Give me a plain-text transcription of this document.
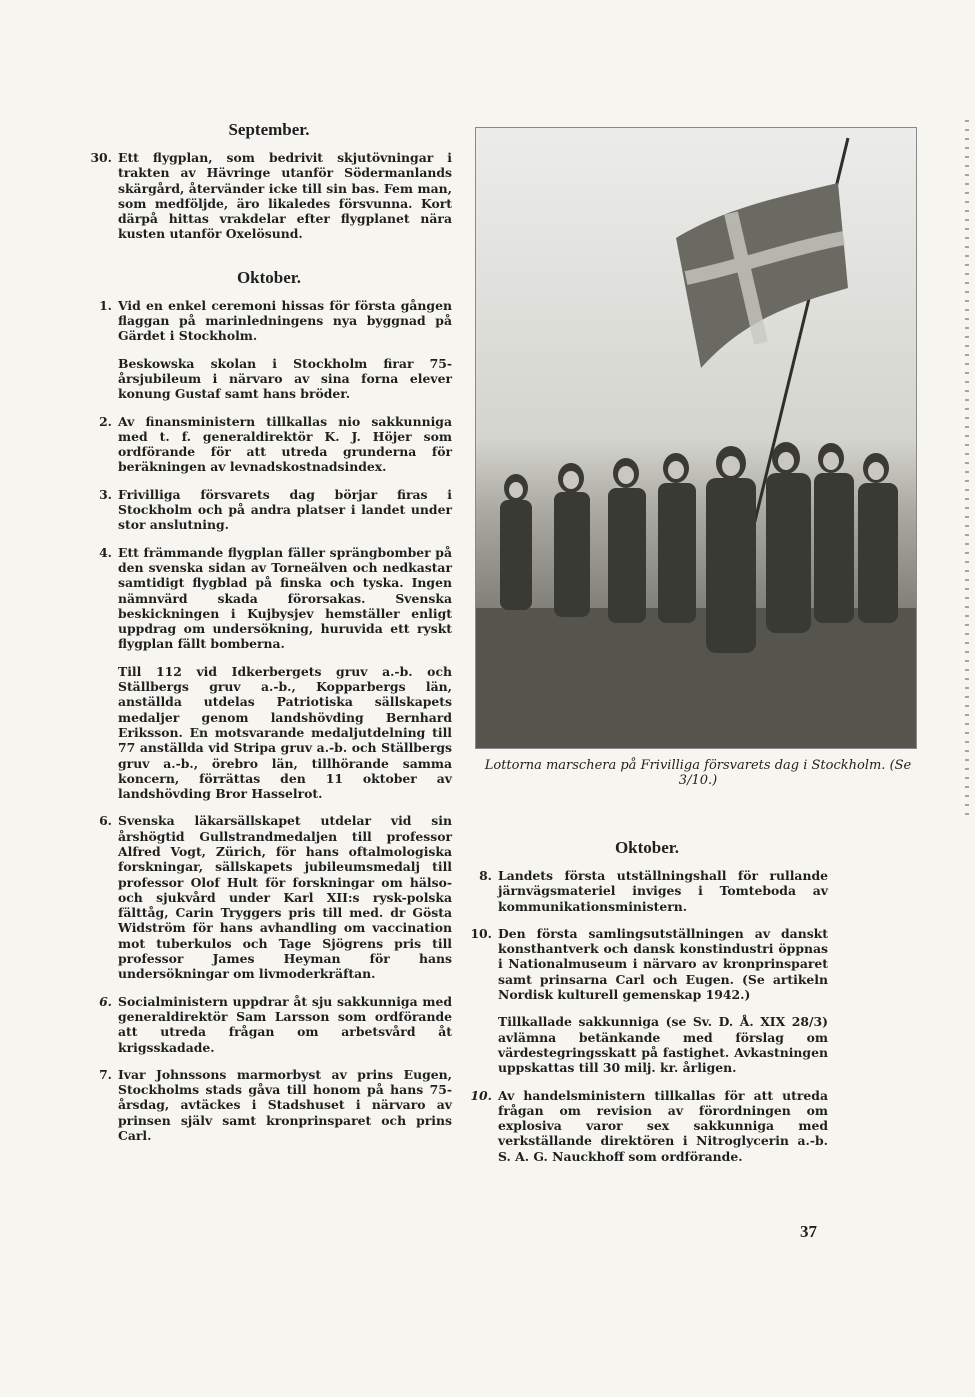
September.
30. Ett flygplan, som bedrivit skjutövningar i trakten av Hävringe utanför Södermanlands skärgård, återvänder icke till sin bas. Fem man, som medföljde, äro likaledes försvunna. Kort därpå hittas vrakdelar efter flygplanet nära kusten utanför Oxelösund.
Oktober.
1. Vid en enkel ceremoni hissas för första gången flaggan på marinledningens nya byggnad på Gärdet i Stockholm.
Beskowska skolan i Stockholm firar 75-årsjubileum i närvaro av sina forna elever konung Gustaf samt hans bröder.
2. Av finansministern tillkallas nio sakkunniga med t. f. generaldirektör K. J. Höjer som ordförande för att utreda grunderna för beräkningen av levnadskostnadsindex.
3. Frivilliga försvarets dag börjar firas i Stockholm och på andra platser i landet under stor anslutning.
4. Ett främmande flygplan fäller sprängbomber på den svenska sidan av Torneälven och nedkastar samtidigt flygblad på finska och tyska. Ingen nämnvärd skada förorsakas. Svenska beskickningen i Kujbysjev hemställer enligt uppdrag om undersökning, huruvida ett ryskt flygplan fällt bomberna.
Till 112 vid Idkerbergets gruv a.-b. och Ställbergs gruv a.-b., Kopparbergs län, anställda utdelas Patriotiska sällskapets medaljer genom landshövding Bernhard Eriksson. En motsvarande medaljutdelning till 77 anställda vid Stripa gruv a.-b. och Ställbergs gruv a.-b., örebro län, tillhörande samma koncern, förrättas den 11 oktober av landshövding Bror Hasselrot.
6. Svenska läkarsällskapet utdelar vid sin årshögtid Gullstrandmedaljen till professor Alfred Vogt, Zürich, för hans oftalmologiska forskningar, sällskapets jubileumsmedalj till professor Olof Hult för forskningar om hälso- och sjukvård under Karl XII:s rysk-polska fälttåg, Carin Tryggers pris till med. dr Gösta Widström för hans avhandling om vaccination mot tuberkulos och Tage Sjögrens pris till professor James Heyman för hans undersökningar om livmoderkräftan.
6. Socialministern uppdrar åt sju sakkunniga med generaldirektör Sam Larsson som ordförande att utreda frågan om arbetsvård åt krigsskadade.
7. Ivar Johnssons marmorbyst av prins Eugen, Stockholms stads gåva till honom på hans 75-årsdag, avtäckes i Stadshuset i närvaro av prinsen själv samt kronprinsparet och prins Carl.
Lottorna marschera på Frivilliga försvarets dag i Stockholm. (Se 3/10.)
Oktober.
8. Landets första utställningshall för rullande järnvägsmateriel inviges i Tomteboda av kommunikationsministern.
10. Den första samlingsutställningen av danskt konsthantverk och dansk konstindustri öppnas i Nationalmuseum i närvaro av kronprinsparet samt prinsarna Carl och Eugen. (Se artikeln Nordisk kulturell gemenskap 1942.)
Tillkallade sakkunniga (se Sv. D. Å. XIX 28/3) avlämna betänkande med förslag om värdestegringsskatt på fastighet. Avkastningen uppskattas till 30 milj. kr. årligen.
10. Av handelsministern tillkallas för att utreda frågan om revision av förordningen om explosiva varor sex sakkunniga med verkställande direktören i Nitroglycerin a.-b. S. A. G. Nauckhoff som ordförande.
37
